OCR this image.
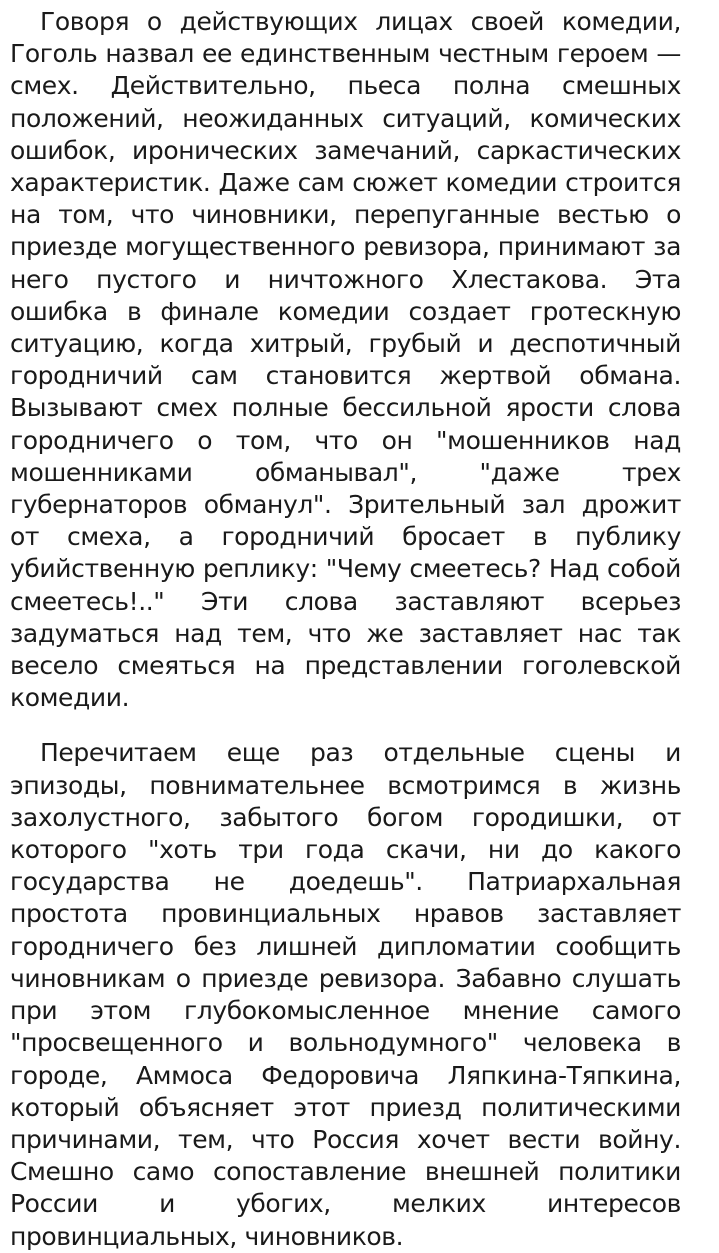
Говоря о действующих лицах своей комедии, Гоголь назвал ее единственным честным героем — смех. Действительно, пьеса полна смешных положений, неожиданных ситуаций, комических ошибок, иронических замечаний, саркастических характеристик. Даже сам сюжет комедии строится на том, что чиновники, перепуганные вестью о приезде могущественного ревизора, принимают за него пустого и ничтожного Хлестакова. Эта ошибка в финале комедии создает гротескную ситуацию, когда хитрый, грубый и деспотичный городничий сам становится жертвой обмана. Вызывают смех полные бессильной ярости слова городничего о том, что он "мошенников над мошенниками обманывал", "даже трех губернаторов обманул". Зрительный зал дрожит от смеха, а городничий бросает в публику убийственную реплику: "Чему смеетесь? Над собой смеетесь!.." Эти слова заставляют всерьез задуматься над тем, что же заставляет нас так весело смеяться на представлении гоголевской комедии.

Перечитаем еще раз отдельные сцены и эпизоды, повнимательнее всмотримся в жизнь захолустного, забытого богом городишки, от которого "хоть три года скачи, ни до какого государства не доедешь". Патриархальная простота провинциальных нравов заставляет городничего без лишней дипломатии сообщить чиновникам о приезде ревизора. Забавно слушать при этом глубокомысленное мнение самого "просвещенного и вольнодумного" человека в городе, Аммоса Федоровича Ляпкина-Тяпкина, который объясняет этот приезд политическими причинами, тем, что Россия хочет вести войну. Смешно само сопоставление внешней политики России и убогих, мелких интересов провинциальных, чиновников.
